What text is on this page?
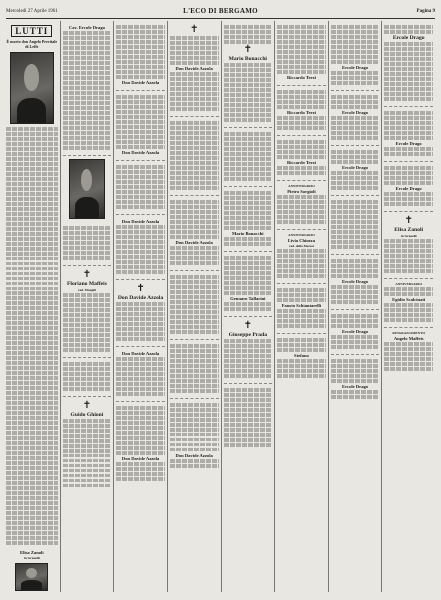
Mercoledì 27 Aprile 1961	L'ECO DI BERGAMO	Pagina 9
LUTTI
È morto don Angelo Previtale di Leffe
Elisa Zanoli
in Granelli
Cav. Ercole Drago
✝
Floriano Maffeis
ved. Mangili
✝
Guido Ghioni
Don Davide Azzola
Don Davide Azzola
Don Davide Azzola
✝
Don Davide Azzola
Don Davide Azzola
Don Davide Azzola
✝
Don Davide Azzola
Don Davide Azzola
Don Davide Azzola
✝
Mario Bonacchi
Mario Bonacchi
Gennaro Tallarini
✝
Giuseppe Prada
Riccardo Terzi
Riccardo Terzi
Riccardo Terzi
ANNIVERSARIO
Pietro Sorgioli
ANNIVERSARIO
Livia Chiozza
ved. della Morosi
Fausto Schiantarelli
Stefano
Ercole Drago
Ercole Drago
Ercole Drago
Ercole Drago
Ercole Drago
Ercole Drago
Ercole Drago
Ercole Drago
Ercole Drago
✝
Elisa Zanoli
in Granelli
ANNIVERSARIO
Egidio Scalcinati
RINGRAZIAMENTO
Angelo Maffeis
